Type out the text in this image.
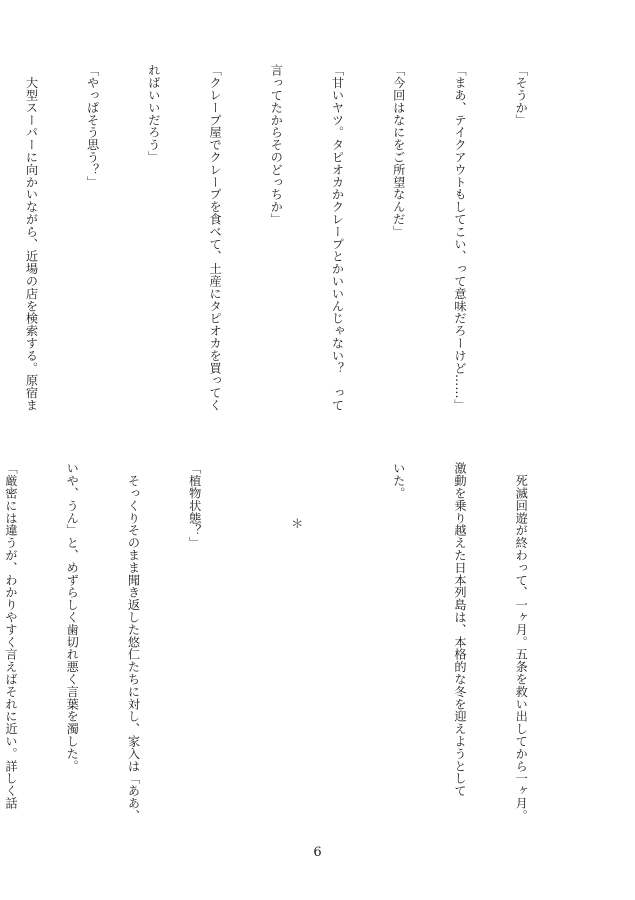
「そうか」

「まあ、テイクアウトもしてこい、って意味だろーけど……」

「今回はなにをご所望なんだ」

「甘いヤツ。タピオカかクレープとかいいんじゃない？　って

言ってたからそのどっちか」

「クレープ屋でクレープを食べて、土産にタピオカを買ってく

ればいいだろう」

「やっぱそう思う？」

　大型スーパーに向かいながら、近場の店を検索する。原宿ま

　死滅回遊が終わって、一ヶ月。五条を救い出してから一ヶ月。

激動を乗り越えた日本列島は、本格的な冬を迎えようとして

いた。

＊

「植物状態？」

　そっくりそのまま聞き返した悠仁たちに対し、家入は「ああ、

いや、うん」と、めずらしく歯切れ悪く言葉を濁した。

「厳密には違うが、わかりやすく言えばそれに近い。詳しく話

6
